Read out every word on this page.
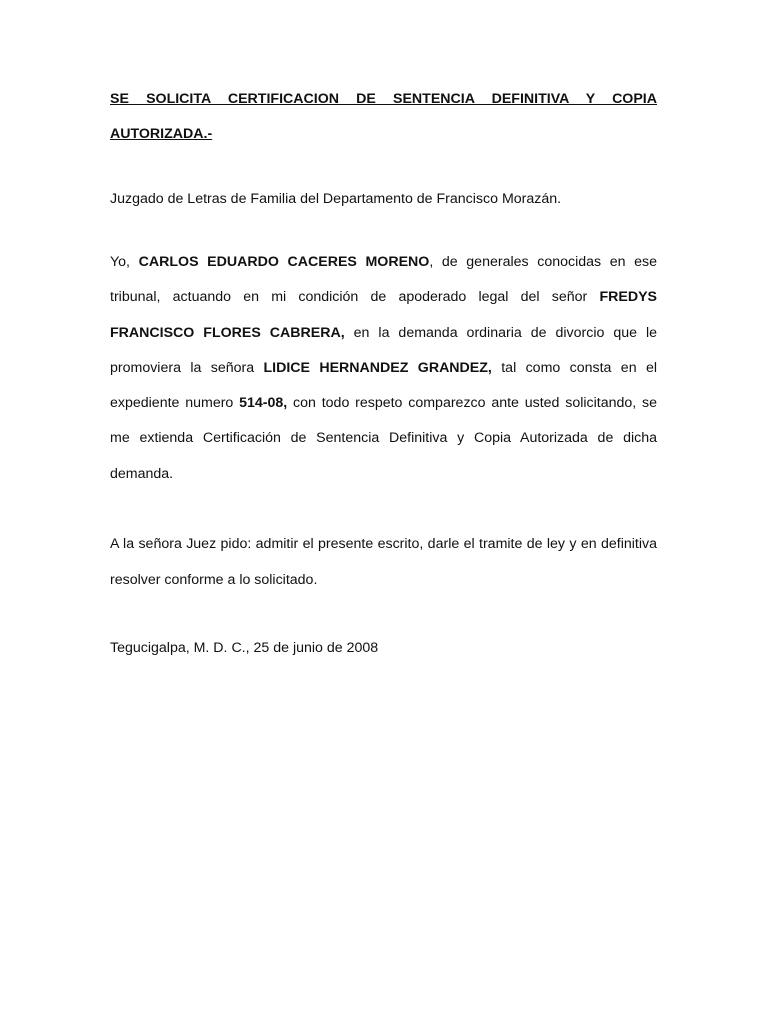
SE SOLICITA CERTIFICACION DE SENTENCIA DEFINITIVA Y COPIA

AUTORIZADA.-

Juzgado de Letras de Familia del Departamento de Francisco Morazán.

Yo, CARLOS EDUARDO CACERES MORENO, de generales conocidas en ese tribunal, actuando en mi condición de apoderado legal del señor FREDYS FRANCISCO FLORES CABRERA, en la demanda ordinaria de divorcio que le promoviera la señora LIDICE HERNANDEZ GRANDEZ, tal como consta en el expediente numero 514-08, con todo respeto comparezco ante usted solicitando, se me extienda Certificación de Sentencia Definitiva y Copia Autorizada de dicha demanda.

A la señora Juez pido: admitir el presente escrito, darle el tramite de ley y en definitiva resolver conforme a lo solicitado.

Tegucigalpa, M. D. C., 25 de junio de 2008
